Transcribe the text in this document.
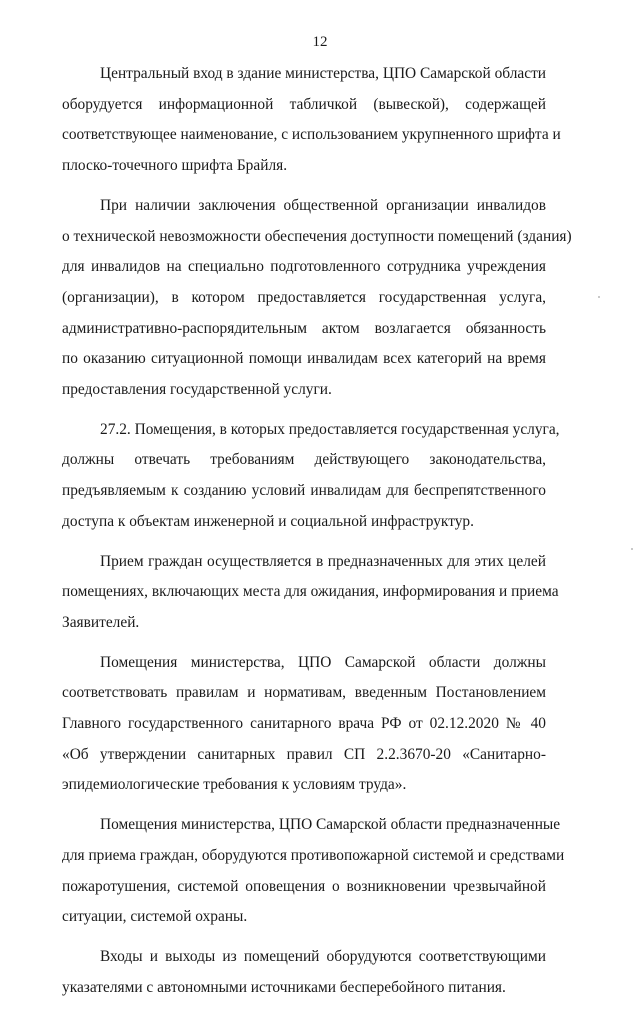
12

Центральный вход в здание министерства, ЦПО Самарской области
оборудуется информационной табличкой (вывеской), содержащей
соответствующее наименование, с использованием укрупненного шрифта и
плоско-точечного шрифта Брайля.

При наличии заключения общественной организации инвалидов
о технической невозможности обеспечения доступности помещений (здания)
для инвалидов на специально подготовленного сотрудника учреждения
(организации), в котором предоставляется государственная услуга,
административно-распорядительным актом возлагается обязанность
по оказанию ситуационной помощи инвалидам всех категорий на время
предоставления государственной услуги.

27.2. Помещения, в которых предоставляется государственная услуга,
должны отвечать требованиям действующего законодательства,
предъявляемым к созданию условий инвалидам для беспрепятственного
доступа к объектам инженерной и социальной инфраструктур.

Прием граждан осуществляется в предназначенных для этих целей
помещениях, включающих места для ожидания, информирования и приема
Заявителей.

Помещения министерства, ЦПО Самарской области должны
соответствовать правилам и нормативам, введенным Постановлением
Главного государственного санитарного врача РФ от 02.12.2020 № 40
«Об утверждении санитарных правил СП 2.2.3670-20 «Санитарно-
эпидемиологические требования к условиям труда».

Помещения министерства, ЦПО Самарской области предназначенные
для приема граждан, оборудуются противопожарной системой и средствами
пожаротушения, системой оповещения о возникновении чрезвычайной
ситуации, системой охраны.

Входы и выходы из помещений оборудуются соответствующими
указателями с автономными источниками бесперебойного питания.
